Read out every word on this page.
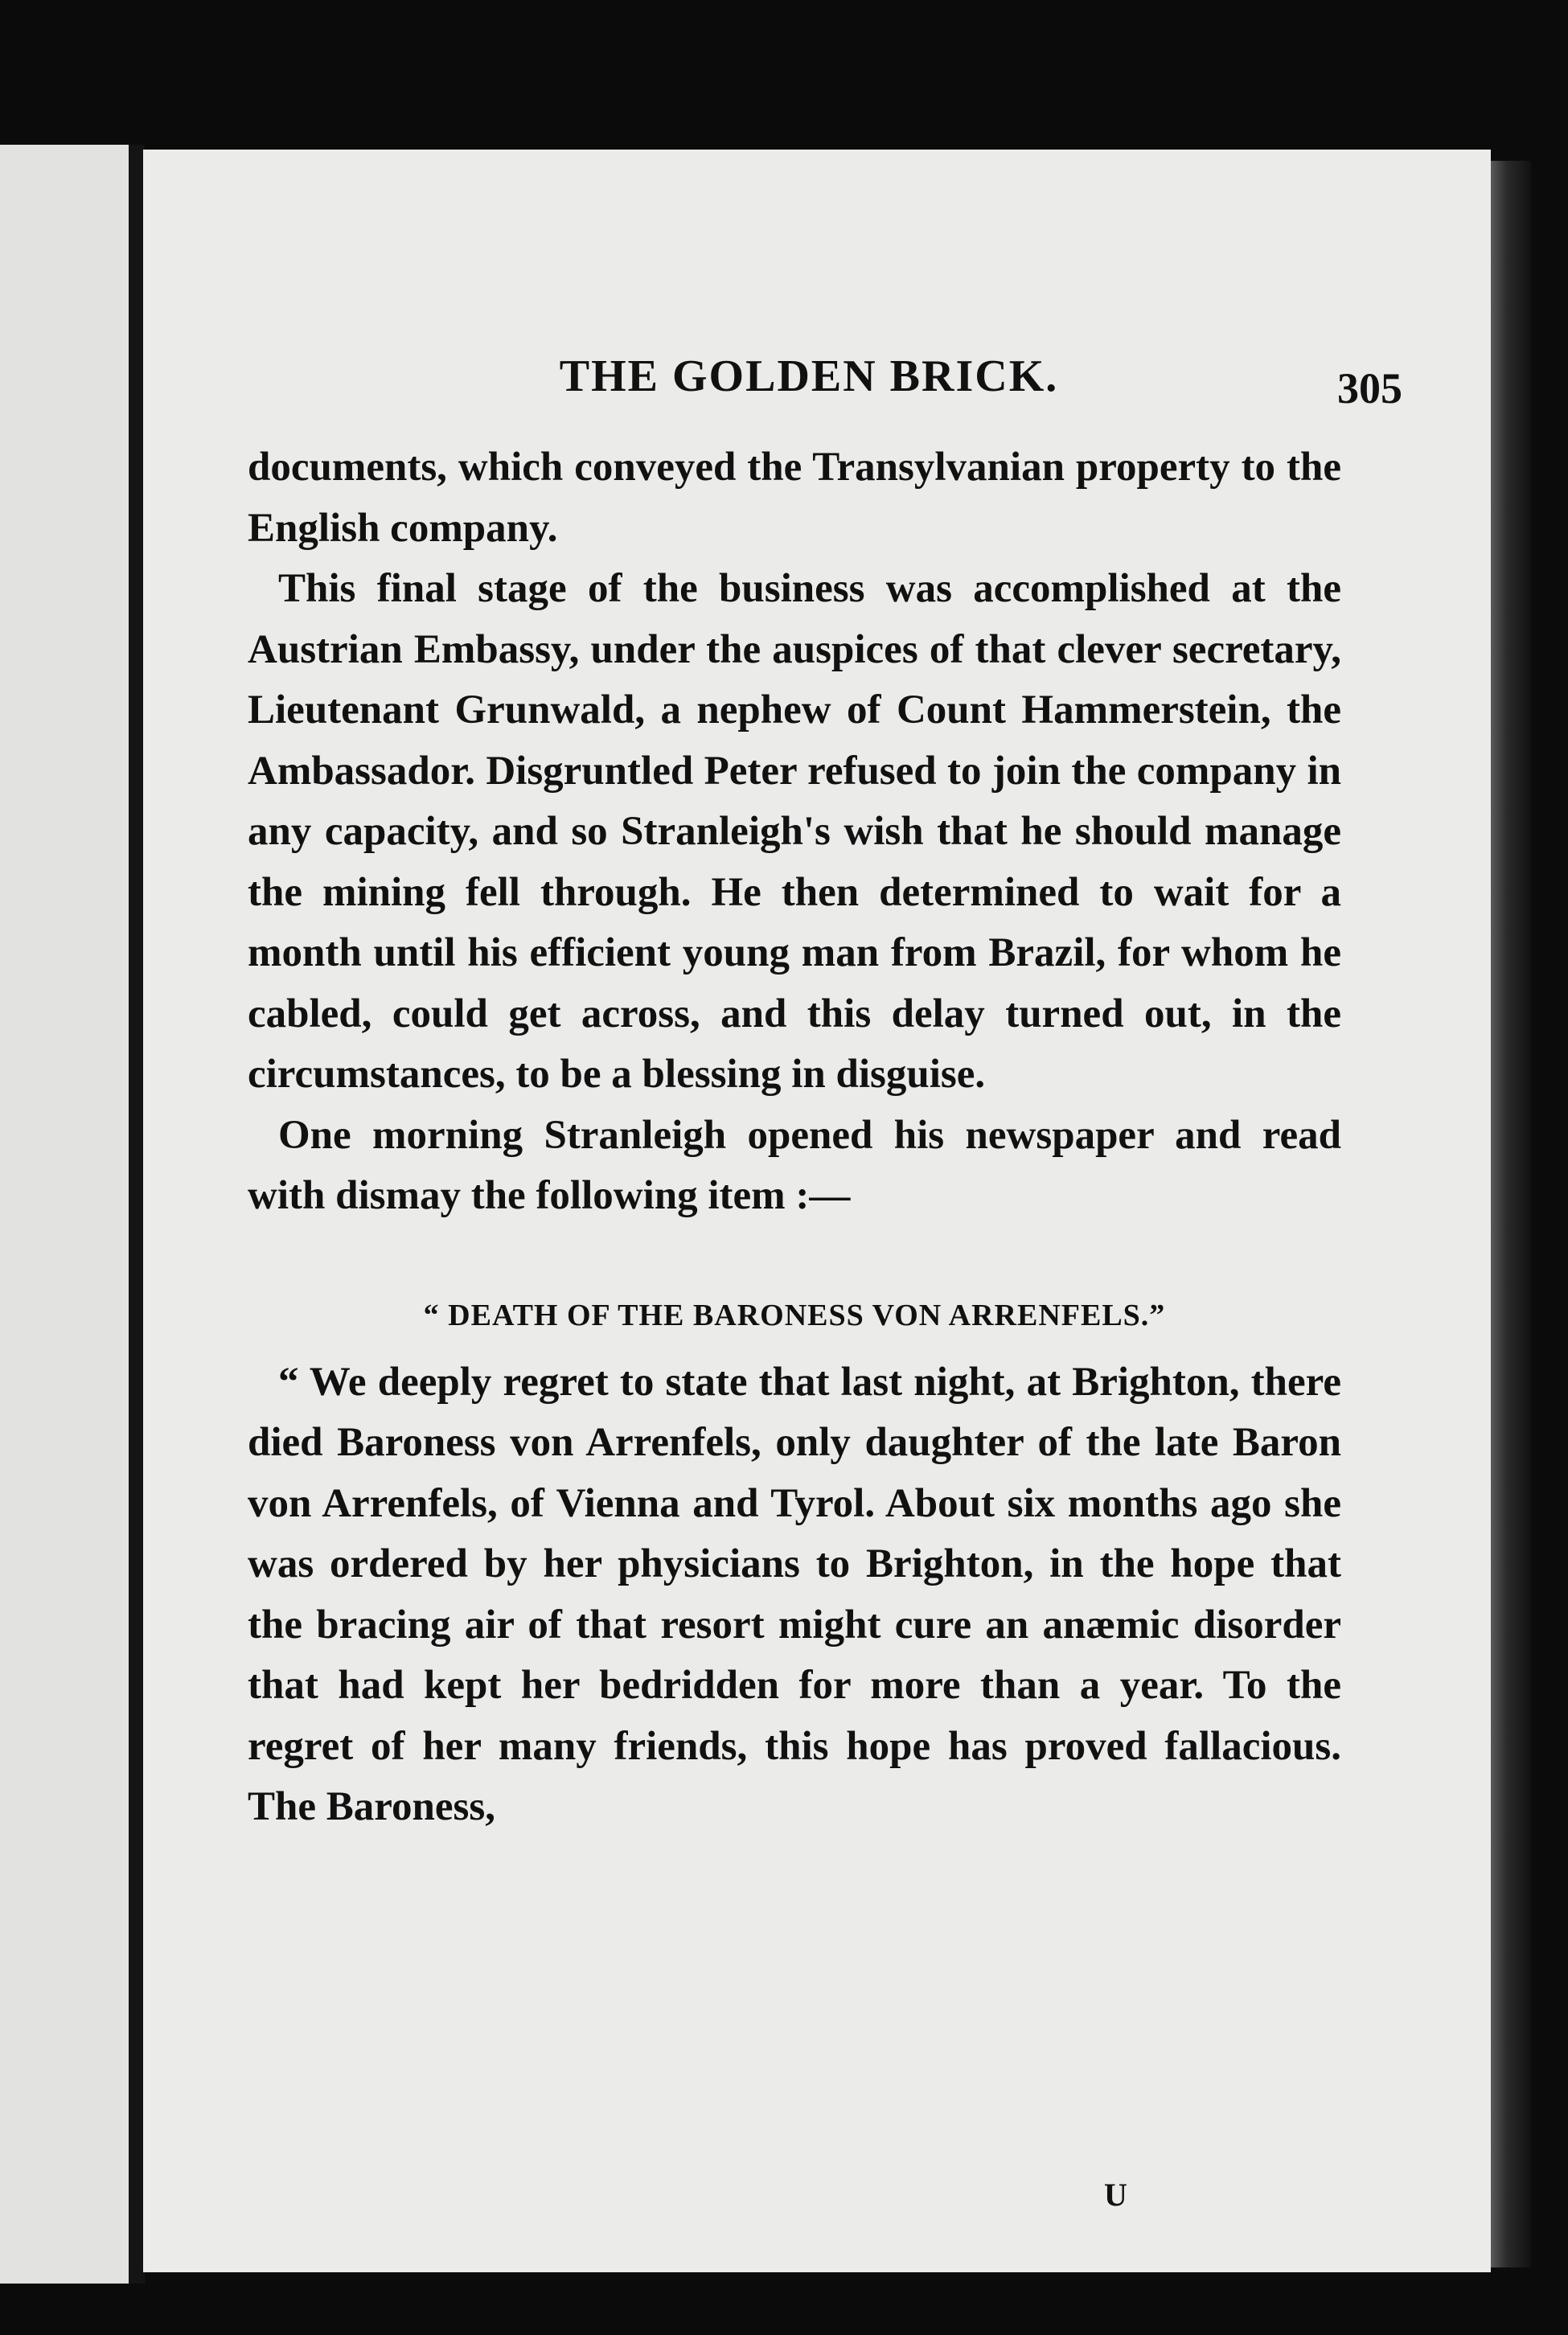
THE GOLDEN BRICK.	305

documents, which conveyed the Transylvanian property to the English company.

This final stage of the business was accomplished at the Austrian Embassy, under the auspices of that clever secretary, Lieutenant Grunwald, a nephew of Count Hammerstein, the Ambassador. Disgruntled Peter refused to join the company in any capacity, and so Stranleigh's wish that he should manage the mining fell through. He then determined to wait for a month until his efficient young man from Brazil, for whom he cabled, could get across, and this delay turned out, in the circumstances, to be a blessing in disguise.

One morning Stranleigh opened his newspaper and read with dismay the following item :—

“ DEATH OF THE BARONESS VON ARRENFELS.”

“ We deeply regret to state that last night, at Brighton, there died Baroness von Arrenfels, only daughter of the late Baron von Arrenfels, of Vienna and Tyrol. About six months ago she was ordered by her physicians to Brighton, in the hope that the bracing air of that resort might cure an anæmic disorder that had kept her bedridden for more than a year. To the regret of her many friends, this hope has proved fallacious. The Baroness,

U
